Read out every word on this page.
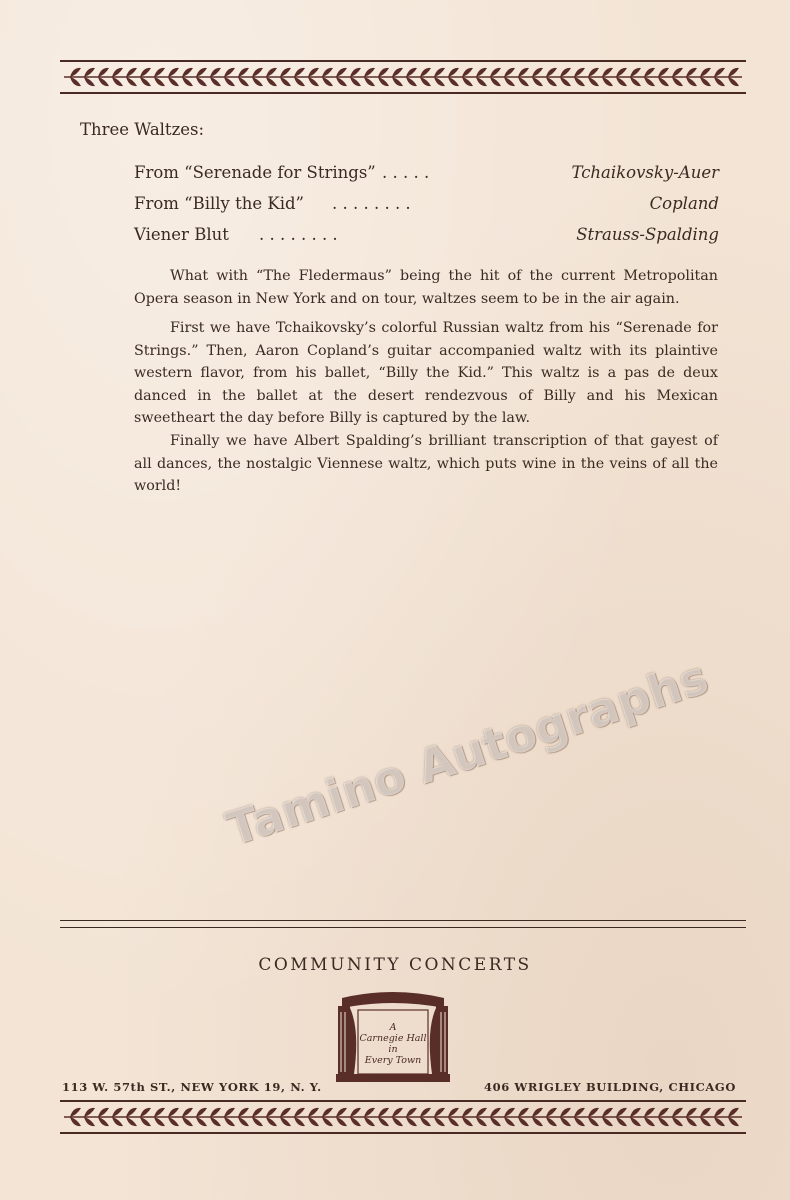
Three Waltzes:
From “Serenade for Strings” . . . . .	Tchaikovsky-Auer
From “Billy the Kid” . . . . . . . .	Copland
Viener Blut . . . . . . . .	Strauss-Spalding

What with “The Fledermaus” being the hit of the current Metropolitan Opera season in New York and on tour, waltzes seem to be in the air again.

First we have Tchaikovsky’s colorful Russian waltz from his “Serenade for Strings.” Then, Aaron Copland’s guitar accompanied waltz with its plaintive western flavor, from his ballet, “Billy the Kid.” This waltz is a pas de deux danced in the ballet at the desert rendezvous of Billy and his Mexican sweetheart the day before Billy is captured by the law.

Finally we have Albert Spalding’s brilliant transcription of that gayest of all dances, the nostalgic Viennese waltz, which puts wine in the veins of all the world!

Tamino Autographs
COMMUNITY CONCERTS
A
Carnegie Hall
in
Every Town
113 W. 57th ST., NEW YORK 19, N. Y.	406 WRIGLEY BUILDING, CHICAGO
